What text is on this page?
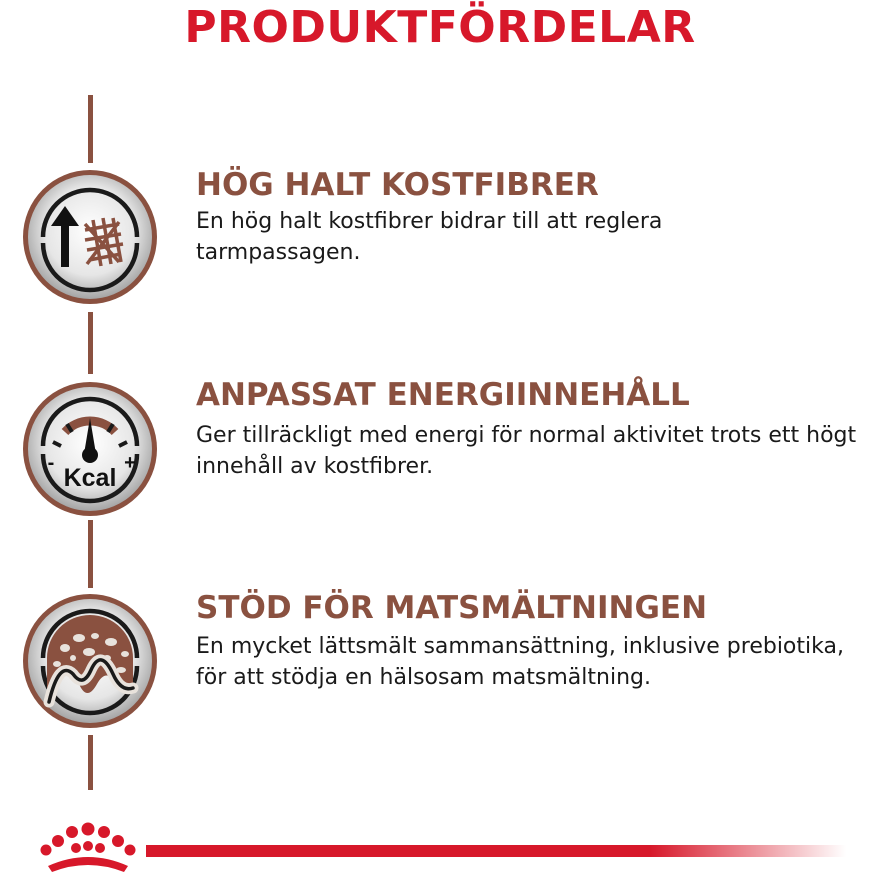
PRODUKTFÖRDELAR
HÖG HALT KOSTFIBRER
En hög halt kostfibrer bidrar till att reglera tarmpassagen.
Kcal
-	+
ANPASSAT ENERGIINNEHÅLL
Ger tillräckligt med energi för normal aktivitet trots ett högt innehåll av kostfibrer.
STÖD FÖR MATSMÄLTNINGEN
En mycket lättsmält sammansättning, inklusive prebiotika, för att stödja en hälsosam matsmältning.
